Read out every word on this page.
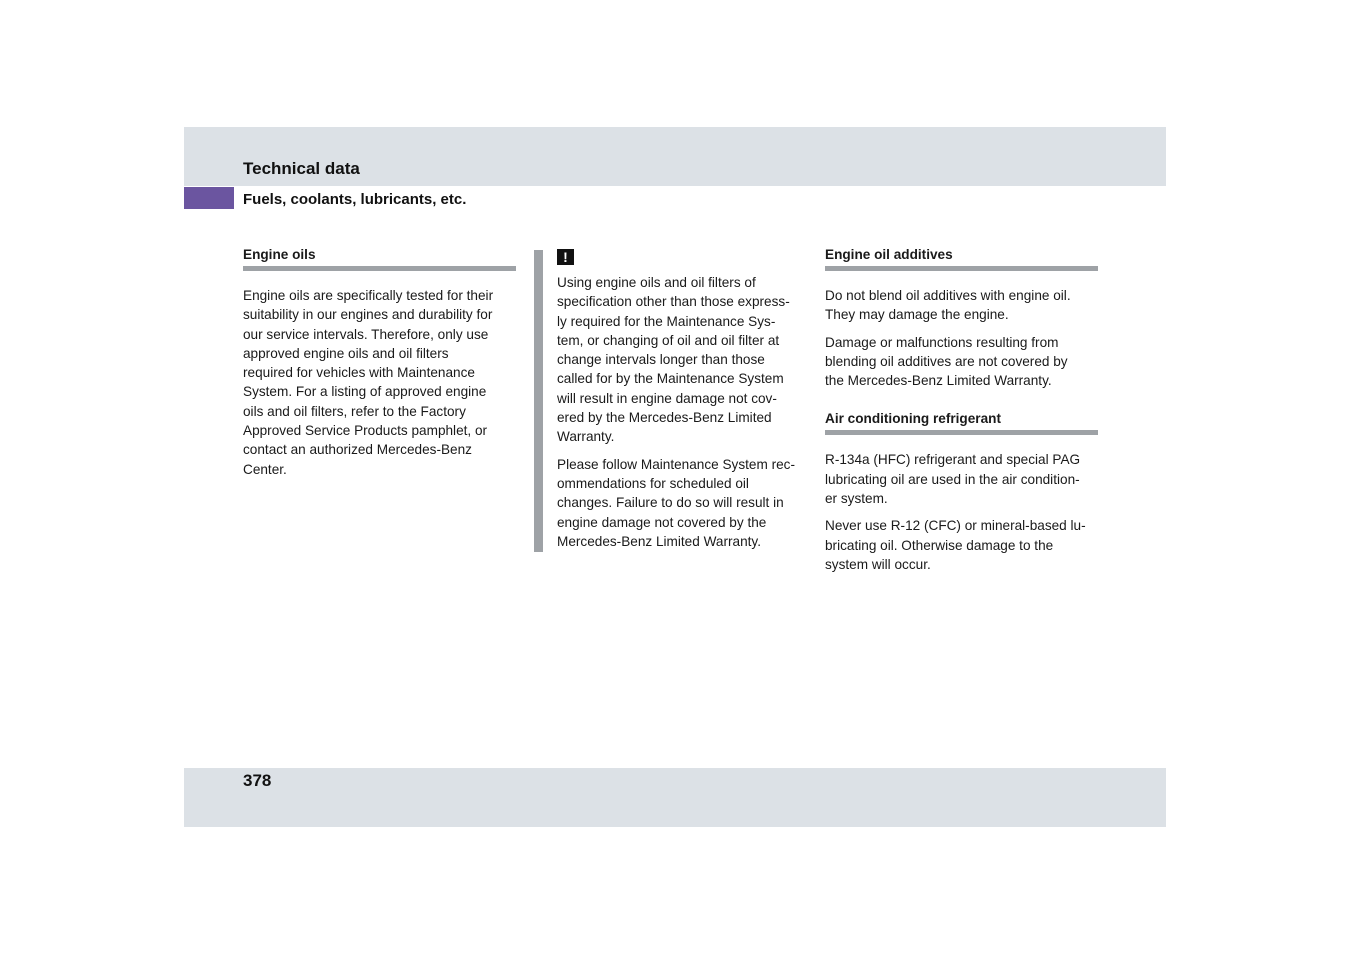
Technical data
Fuels, coolants, lubricants, etc.
Engine oils

Engine oils are specifically tested for their
suitability in our engines and durability for
our service intervals. Therefore, only use
approved engine oils and oil filters
required for vehicles with Maintenance
System. For a listing of approved engine
oils and oil filters, refer to the Factory
Approved Service Products pamphlet, or
contact an authorized Mercedes-Benz
Center.

!

Using engine oils and oil filters of
specification other than those express-
ly required for the Maintenance Sys-
tem, or changing of oil and oil filter at
change intervals longer than those
called for by the Maintenance System
will result in engine damage not cov-
ered by the Mercedes-Benz Limited
Warranty.

Please follow Maintenance System rec-
ommendations for scheduled oil
changes. Failure to do so will result in
engine damage not covered by the
Mercedes-Benz Limited Warranty.

Engine oil additives

Do not blend oil additives with engine oil.
They may damage the engine.

Damage or malfunctions resulting from
blending oil additives are not covered by
the Mercedes-Benz Limited Warranty.

Air conditioning refrigerant

R-134a (HFC) refrigerant and special PAG
lubricating oil are used in the air condition-
er system.

Never use R-12 (CFC) or mineral-based lu-
bricating oil. Otherwise damage to the
system will occur.

378
